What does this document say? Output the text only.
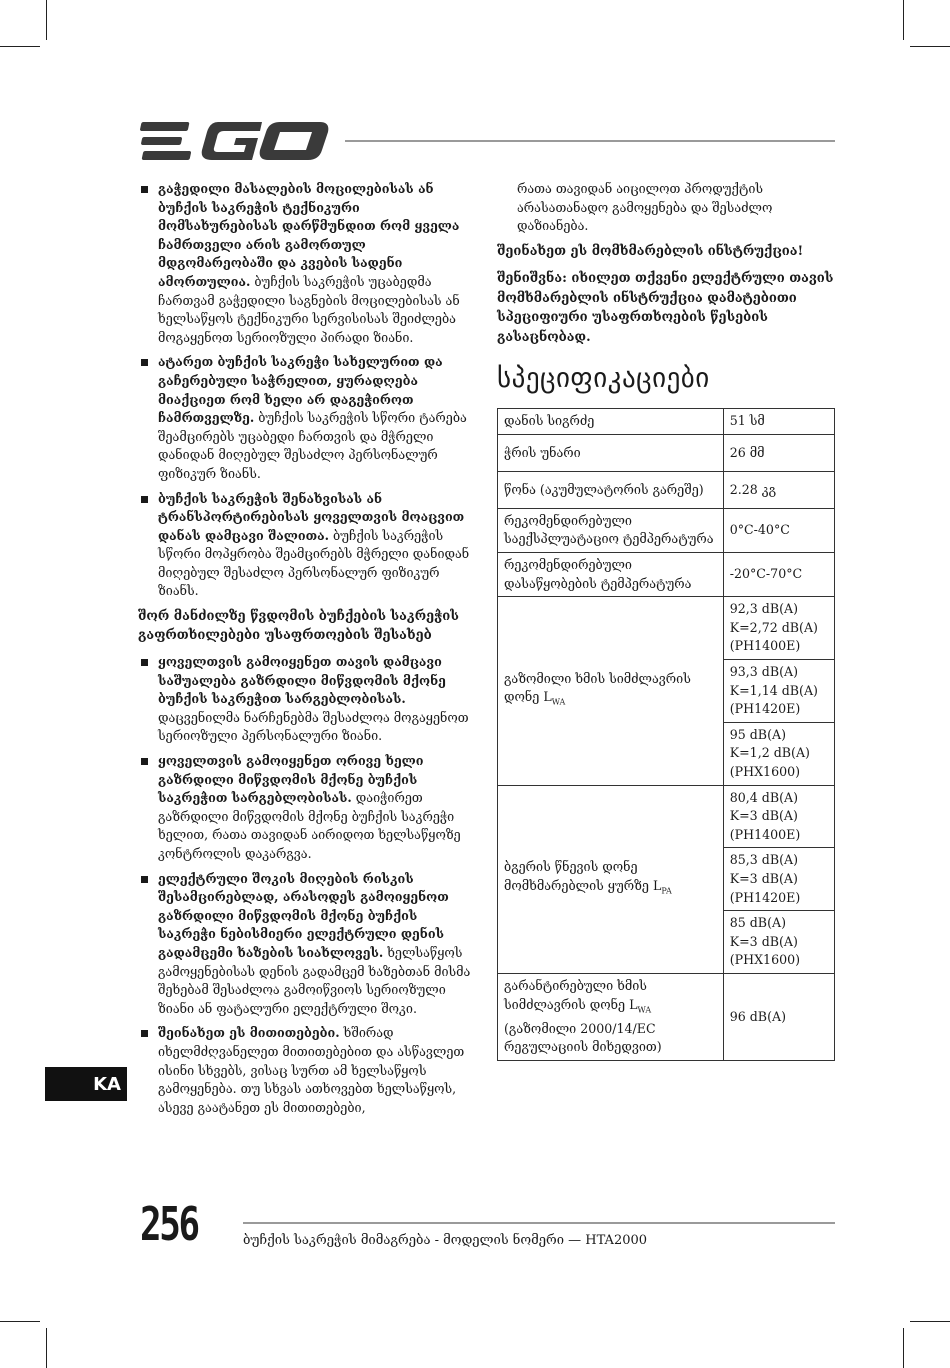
გაჭედილი მასალების მოცილებისას ან ბუჩქის საკრეჭის ტექნიკური მომსახურებისას დარწმუნდით რომ ყველა ჩამრთველი არის გამორთულ მდგომარეობაში და კვების სადენი ამორთულია. ბუჩქის საკრეჭის უცაბედმა ჩართვამ გაჭედილი საგნების მოცილებისას ან ხელსაწყოს ტექნიკური სერვისისას შეიძლება მოგაყენოთ სერიოზული პირადი ზიანი.

ატარეთ ბუჩქის საკრეჭი სახელურით და გაჩერებული საჭრელით, ყურადღება მიაქციეთ რომ ხელი არ დაგეჭიროთ ჩამრთველზე. ბუჩქის საკრეჭის სწორი ტარება შეამცირებს უცაბედი ჩართვის და მჭრელი დანიდან მიღებულ შესაძლო პერსონალურ ფიზიკურ ზიანს.

ბუჩქის საკრეჭის შენახვისას ან ტრანსპორტირებისას ყოველთვის მოაცვით დანას დამცავი შალითა. ბუჩქის საკრეჭის სწორი მოპყრობა შეამცირებს მჭრელი დანიდან მიღებულ შესაძლო პერსონალურ ფიზიკურ ზიანს.

შორ მანძილზე წვდომის ბუჩქების საკრეჭის გაფრთხილებები უსაფრთოების შესახებ

ყოველთვის გამოიყენეთ თავის დამცავი საშუალება გაზრდილი მიწვდომის მქონე ბუჩქის საკრეჭით სარგებლობისას. დაცვენილმა ნარჩენებმა შესაძლოა მოგაყენოთ სერიოზული პერსონალური ზიანი.

ყოველთვის გამოიყენეთ ორივე ხელი გაზრდილი მიწვდომის მქონე ბუჩქის საკრეჭით სარგებლობისას. დაიჭირეთ გაზრდილი მიწვდომის მქონე ბუჩქის საკრეჭი ხელით, რათა თავიდან აირიდოთ ხელსაწყოზე კონტროლის დაკარგვა.

ელექტრული შოკის მიღების რისკის შესამცირებლად, არასოდეს გამოიყენოთ გაზრდილი მიწვდომის მქონე ბუჩქის საკრეჭი ნებისმიერი ელექტრული დენის გადამცემი ხაზების სიახლოვეს. ხელსაწყოს გამოყენებისას დენის გადამცემ ხაზებთან მისმა შეხებამ შესაძლოა გამოიწვიოს სერიოზული ზიანი ან ფატალური ელექტრული შოკი.

შეინახეთ ეს მითითებები. ხშირად იხელმძღვანელეთ მითითებებით და ასწავლეთ ისინი სხვებს, ვისაც სურთ ამ ხელსაწყოს გამოყენება. თუ სხვას ათხოვებთ ხელსაწყოს, ასევე გაატანეთ ეს მითითებები,

რათა თავიდან აიცილოთ პროდუქტის არასათანადო გამოყენება და შესაძლო დაზიანება.

შეინახეთ ეს მომხმარებლის ინსტრუქცია!

შენიშვნა: იხილეთ თქვენი ელექტრული თავის მომხმარებლის ინსტრუქცია დამატებითი სპეციფიური უსაფრთხოების წესების გასაცნობად.

სპეციფიკაციები
დანის სიგრძე	51 სმ
ჭრის უნარი	26 მმ
წონა (აკუმულატორის გარეშე)	2.28 კგ
რეკომენდირებული საექსპლუატაციო ტემპერატურა	0°C-40°C
რეკომენდირებული დასაწყობების ტემპერატურა	-20°C-70°C
გაზომილი ხმის სიმძლავრის დონე $L_{WA}$	92,3 dB(A)
K=2,72 dB(A)
(PH1400E)
	93,3 dB(A)
K=1,14 dB(A)
(PH1420E)
	95 dB(A)
K=1,2 dB(A)
(PHX1600)
ბგერის წნევის დონე მომხმარებლის ყურზე $L_{PA}$	80,4 dB(A)
K=3 dB(A)
(PH1400E)
	85,3 dB(A)
K=3 dB(A)
(PH1420E)
	85 dB(A)
K=3 dB(A)
(PHX1600)
გარანტირებული ხმის სიმძლავრის დონე $L_{WA}$
(გაზომილი 2000/14/EC რეგულაციის მიხედვით)	96 dB(A)
KA
256	ბუჩქის საკრეჭის მიმაგრება - მოდელის ნომერი — HTA2000
